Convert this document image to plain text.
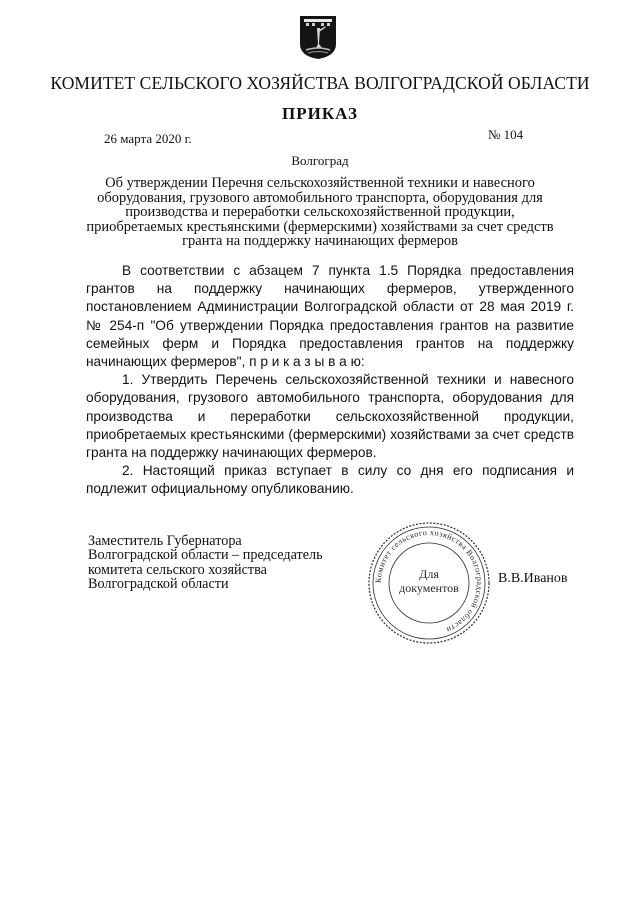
КОМИТЕТ СЕЛЬСКОГО ХОЗЯЙСТВА ВОЛГОГРАДСКОЙ ОБЛАСТИ
ПРИКАЗ
26 марта 2020 г.	№ 104
Волгоград
Об утверждении Перечня сельскохозяйственной техники и навесного
оборудования, грузового автомобильного транспорта, оборудования для
производства и переработки сельскохозяйственной продукции,
приобретаемых крестьянскими (фермерскими) хозяйствами за счет средств
гранта на поддержку начинающих фермеров
В соответствии с абзацем 7 пункта 1.5 Порядка предоставления
грантов на поддержку начинающих фермеров, утвержденного
постановлением Администрации Волгоградской области от 28 мая 2019 г.
№ 254-п "Об утверждении Порядка предоставления грантов на развитие
семейных ферм и Порядка предоставления грантов на поддержку
начинающих фермеров", п р и к а з ы в а ю:
1. Утвердить Перечень сельскохозяйственной техники и навесного
оборудования, грузового автомобильного транспорта, оборудования для
производства и переработки сельскохозяйственной продукции,
приобретаемых крестьянскими (фермерскими) хозяйствами за счет средств
гранта на поддержку начинающих фермеров.
2. Настоящий приказ вступает в силу со дня его подписания и
подлежит официальному опубликованию.
Заместитель Губернатора
Волгоградской области – председатель
комитета сельского хозяйства
Волгоградской области	Комитет сельского хозяйства Волгоградской области
Для
документов
В.В.Иванов
